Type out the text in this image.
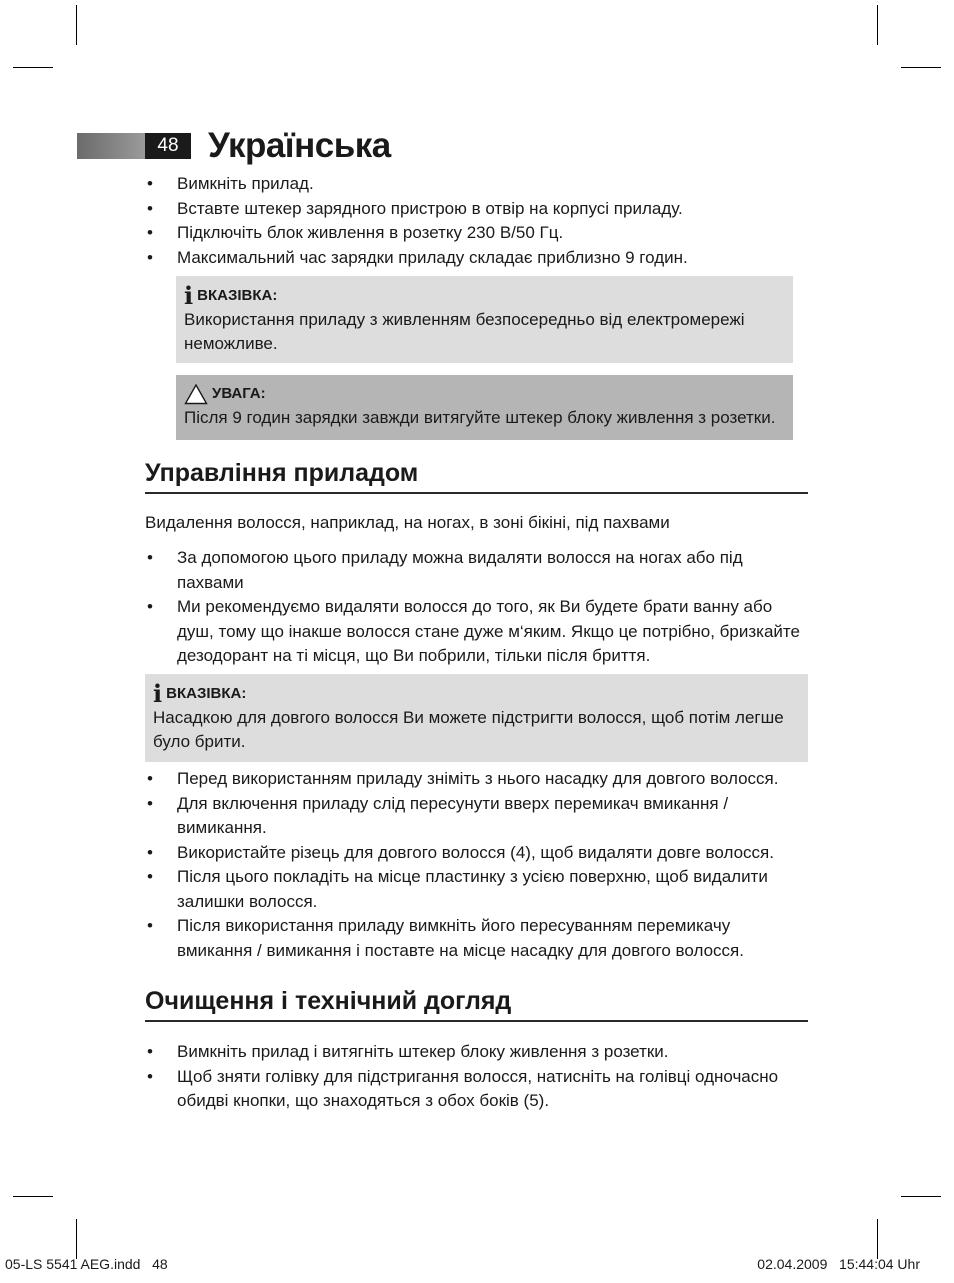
48 Українська
• Вимкніть прилад.
• Вставте штекер зарядного пристрою в отвір на корпусі приладу.
• Підключіть блок живлення в розетку 230 В/50 Гц.
• Максимальний час зарядки приладу складає приблизно 9 годин.
i ВКАЗІВКА:
Використання приладу з живленням безпосередньо від електромережі
неможливе.
УВАГА:
Після 9 годин зарядки завжди витягуйте штекер блоку живлення з розетки.
Управління приладом
Видалення волосся, наприклад, на ногах, в зоні бікіні, під пахвами
• За допомогою цього приладу можна видаляти волосся на ногах або під
пахвами
• Ми рекомендуємо видаляти волосся до того, як Ви будете брати ванну або
душ, тому що інакше волосся стане дуже м‘яким. Якщо це потрібно, бризкайте
дезодорант на ті місця, що Ви побрили, тільки після бриття.
i ВКАЗІВКА:
Насадкою для довгого волосся Ви можете підстригти волосся, щоб потім легше
було брити.
• Перед використанням приладу зніміть з нього насадку для довгого волосся.
• Для включення приладу слід пересунути вверх перемикач вмикання /
вимикання.
• Використайте різець для довгого волосся (4), щоб видаляти довге волосся.
• Після цього покладіть на місце пластинку з усією поверхню, щоб видалити
залишки волосся.
• Після використання приладу вимкніть його пересуванням перемикачу
вмикання / вимикання і поставте на місце насадку для довгого волосся.
Очищення і технічний догляд
• Вимкніть прилад і витягніть штекер блоку живлення з розетки.
• Щоб зняти голівку для підстригання волосся, натисніть на голівці одночасно
обидві кнопки, що знаходяться з обох боків (5).
05-LS 5541 AEG.indd 48	02.04.2009 15:44:04 Uhr
